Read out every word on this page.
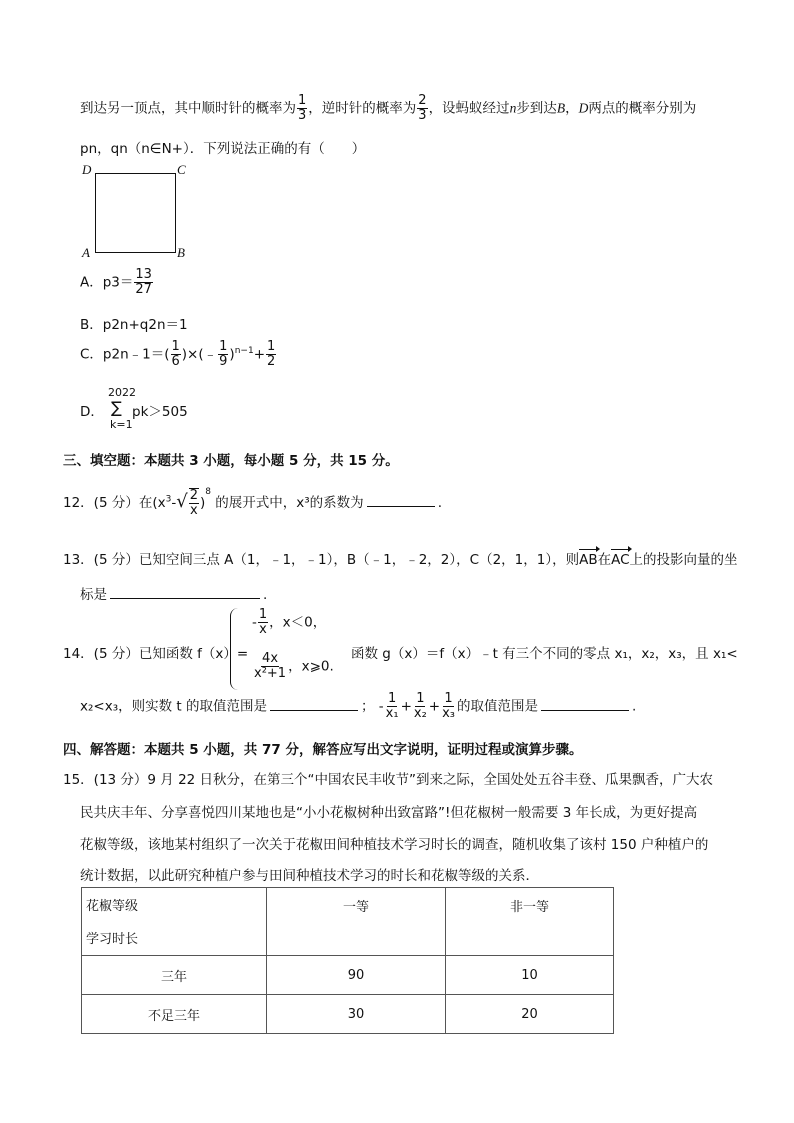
到达另一顶点，其中顺时针的概率为 $\frac{1}{3}$ ，逆时针的概率为 $\frac{2}{3}$ ，设蚂蚁经过n步到达B，D两点的概率分别为
pn，qn（n∈N+）．下列说法正确的有（　　）
D	C
A	B
A．$p3= \frac{13}{27}$
B．p2n+q2n＝1
C．p2n﹣1＝( $\frac{1}{6}$ )×(﹣ $\frac{1}{9} )^{n-1}+ \frac{1}{2}$
D．
2022
∑
k=1
pk＞505
三、填空题：本题共 3 小题，每小题 5 分，共 15 分。
12．(5 分）在$(x^3-√ \frac{2}{x} )^8$ 的展开式中，x³的系数为	.
13．(5 分）已知空间三点 A（1，﹣1，﹣1），B（﹣1，﹣2，2），C（2，1，1），则AB在AC上的投影向量的坐
标是	.
14．(5 分）已知函数 f（x）=
- $\frac{1}{x}$ ，x＜0，
$\frac{4x}{\text{x²+1}}$ ，x⩾0.
函数 g（x）＝f（x）﹣t 有三个不同的零点 x₁，x₂，x₃，且 x₁<
x₂<x₃，则实数 t 的取值范围是	； - $\frac{1}{\text{x₁}} + \frac{1}{\text{x₂}} + \frac{1}{\text{x₃}}$ 的取值范围是	.
四、解答题：本题共 5 小题，共 77 分，解答应写出文字说明，证明过程或演算步骤。
15．(13 分）9 月 22 日秋分，在第三个“中国农民丰收节”到来之际，全国处处五谷丰登、瓜果飘香，广大农
民共庆丰年、分享喜悦四川某地也是“小小花椒树种出致富路”!但花椒树一般需要 3 年长成，为更好提高
花椒等级，该地某村组织了一次关于花椒田间种植技术学习时长的调查，随机收集了该村 150 户种植户的
统计数据，以此研究种植户参与田间种植技术学习的时长和花椒等级的关系．
花椒等级
学习时长	一等	非一等
三年	90	10
不足三年	30	20
